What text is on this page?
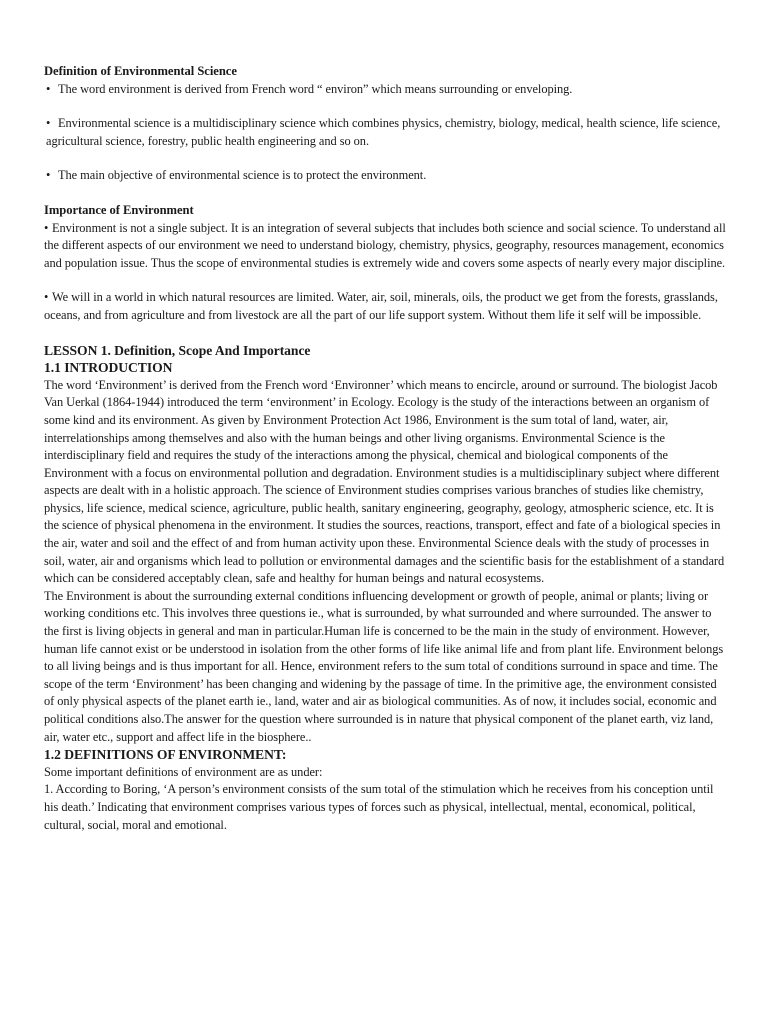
Definition of Environmental Science

• The word environment is derived from French word “ environ” which means surrounding or enveloping.

• Environmental science is a multidisciplinary science which combines physics, chemistry, biology, medical, health science, life science, agricultural science, forestry, public health engineering and so on.

• The main objective of environmental science is to protect the environment.

Importance of Environment

• Environment is not a single subject. It is an integration of several subjects that includes both science and social science. To understand all the different aspects of our environment we need to understand biology, chemistry, physics, geography, resources management, economics and population issue. Thus the scope of environmental studies is extremely wide and covers some aspects of nearly every major discipline.

• We will in a world in which natural resources are limited. Water, air, soil, minerals, oils, the product we get from the forests, grasslands, oceans, and from agriculture and from livestock are all the part of our life support system. Without them life it self will be impossible.

LESSON 1. Definition, Scope And Importance

1.1 INTRODUCTION

The word ‘Environment’ is derived from the French word ‘Environner’ which means to encircle, around or surround. The biologist Jacob Van Uerkal (1864-1944) introduced the term ‘environment’ in Ecology. Ecology is the study of the interactions between an organism of some kind and its environment. As given by Environment Protection Act 1986, Environment is the sum total of land, water, air, interrelationships among themselves and also with the human beings and other living organisms. Environmental Science is the interdisciplinary field and requires the study of the interactions among the physical, chemical and biological components of the Environment with a focus on environmental pollution and degradation. Environment studies is a multidisciplinary subject where different aspects are dealt with in a holistic approach. The science of Environment studies comprises various branches of studies like chemistry, physics, life science, medical science, agriculture, public health, sanitary engineering, geography, geology, atmospheric science, etc. It is the science of physical phenomena in the environment. It studies the sources, reactions, transport, effect and fate of a biological species in the air, water and soil and the effect of and from human activity upon these. Environmental Science deals with the study of processes in soil, water, air and organisms which lead to pollution or environmental damages and the scientific basis for the establishment of a standard which can be considered acceptably clean, safe and healthy for human beings and natural ecosystems.

The Environment is about the surrounding external conditions influencing development or growth of people, animal or plants; living or working conditions etc. This involves three questions ie., what is surrounded, by what surrounded and where surrounded. The answer to the first is living objects in general and man in particular.Human life is concerned to be the main in the study of environment. However, human life cannot exist or be understood in isolation from the other forms of life like animal life and from plant life. Environment belongs to all living beings and is thus important for all. Hence, environment refers to the sum total of conditions surround in space and time. The scope of the term ‘Environment’ has been changing and widening by the passage of time. In the primitive age, the environment consisted of only physical aspects of the planet earth ie., land, water and air as biological communities. As of now, it includes social, economic and political conditions also.The answer for the question where surrounded is in nature that physical component of the planet earth, viz land, air, water etc., support and affect life in the biosphere..

1.2 DEFINITIONS OF ENVIRONMENT:

Some important definitions of environment are as under:

1. According to Boring, ‘A person’s environment consists of the sum total of the stimulation which he receives from his conception until his death.’ Indicating that environment comprises various types of forces such as physical, intellectual, mental, economical, political, cultural, social, moral and emotional.
